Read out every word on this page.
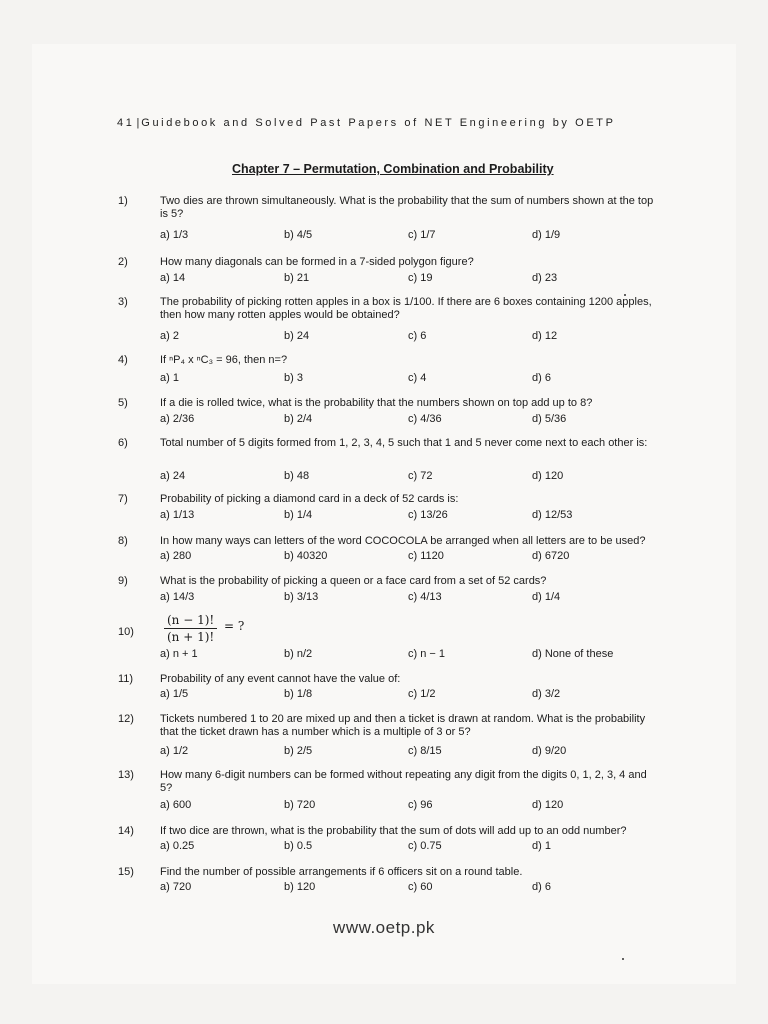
41 | Guidebook and Solved Past Papers of NET Engineering by OETP
Chapter 7 – Permutation, Combination and Probability
1)	Two dies are thrown simultaneously. What is the probability that the sum of numbers shown at the top is 5?
a) 1/3	b) 4/5	c) 1/7	d) 1/9
2)	How many diagonals can be formed in a 7-sided polygon figure?
a) 14	b) 21	c) 19	d) 23
3)	The probability of picking rotten apples in a box is 1/100. If there are 6 boxes containing 1200 apples, then how many rotten apples would be obtained?
a) 2	b) 24	c) 6	d) 12
4)	If ⁿP₄ x ⁿC₃ = 96, then n=?
a) 1	b) 3	c) 4	d) 6
5)	If a die is rolled twice, what is the probability that the numbers shown on top add up to 8?
a) 2/36	b) 2/4	c) 4/36	d) 5/36
6)	Total number of 5 digits formed from 1, 2, 3, 4, 5 such that 1 and 5 never come next to each other is:
a) 24	b) 48	c) 72	d) 120
7)	Probability of picking a diamond card in a deck of 52 cards is:
a) 1/13	b) 1/4	c) 13/26	d) 12/53
8)	In how many ways can letters of the word COCOCOLA be arranged when all letters are to be used?
a) 280	b) 40320	c) 1120	d) 6720
9)	What is the probability of picking a queen or a face card from a set of 52 cards?
a) 14/3	b) 3/13	c) 4/13	d) 1/4
10)
(n − 1)!
(n + 1)!
= ?
a) n + 1	b) n/2	c) n − 1	d) None of these
11) Probability of any event cannot have the value of:
a) 1/5	b) 1/8	c) 1/2	d) 3/2
12) Tickets numbered 1 to 20 are mixed up and then a ticket is drawn at random. What is the probability that the ticket drawn has a number which is a multiple of 3 or 5?
a) 1/2	b) 2/5	c) 8/15	d) 9/20
13) How many 6-digit numbers can be formed without repeating any digit from the digits 0, 1, 2, 3, 4 and 5?
a) 600	b) 720	c) 96	d) 120
14) If two dice are thrown, what is the probability that the sum of dots will add up to an odd number?
a) 0.25	b) 0.5	c) 0.75	d) 1
15) Find the number of possible arrangements if 6 officers sit on a round table.
a) 720	b) 120	c) 60	d) 6
www.oetp.pk
